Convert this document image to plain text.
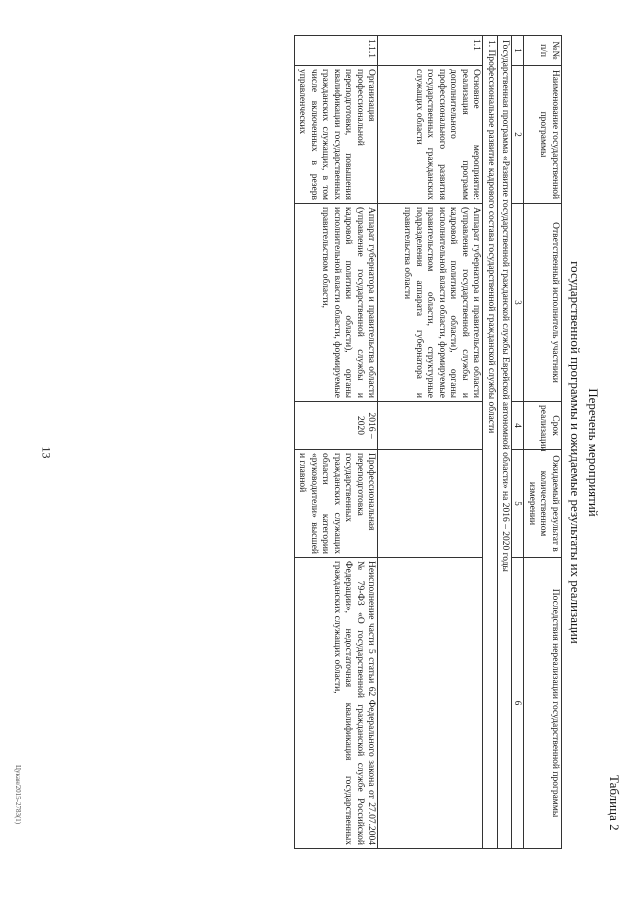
13
Таблица 2
Перечень мероприятий
государственной программы и ожидаемые результаты их реализации
№№ п/п	Наименование государственной программы	Ответственный исполнитель участники	Срок реализации	Ожидаемый результат в количественном измерении	Последствия нереализации государственной программы
1	2	3	4	5	6
Государственная программа «Развитие государственной гражданской службы Еврейской автономной области» на 2016 – 2020 годы					
1. Профессиональное развитие кадрового состава государственной гражданской службы области					
1.1	Основное мероприятие: реализация программ дополнительного профессионального развития государственных гражданских служащих области	Аппарат губернатора и правительства области (управление государственной службы и кадровой политики области), органы исполнительной власти области, формируемые правительством области, структурные подразделения аппарата губернатора и правительства области			
1.1.1	Организация профессиональной переподготовки, повышения квалификации государственных гражданских служащих, в том числе включенных в резерв управленческих	Аппарат губернатора и правительства области (управление государственной службы и кадровой политики области), органы исполнительной власти области, формируемые правительством области,	2016 – 2020	Профессиональная переподготовка государственных гражданских служащих области категории «руководители» высшей и главной	Неисполнение части 5 статьи 62 Федерального закона от 27.07.2004 № 79-ФЗ «О государственной гражданской службе Российской Федерации», недостаточная квалификация государственных гражданских служащих области,
Цукан/2015-2783(1)
